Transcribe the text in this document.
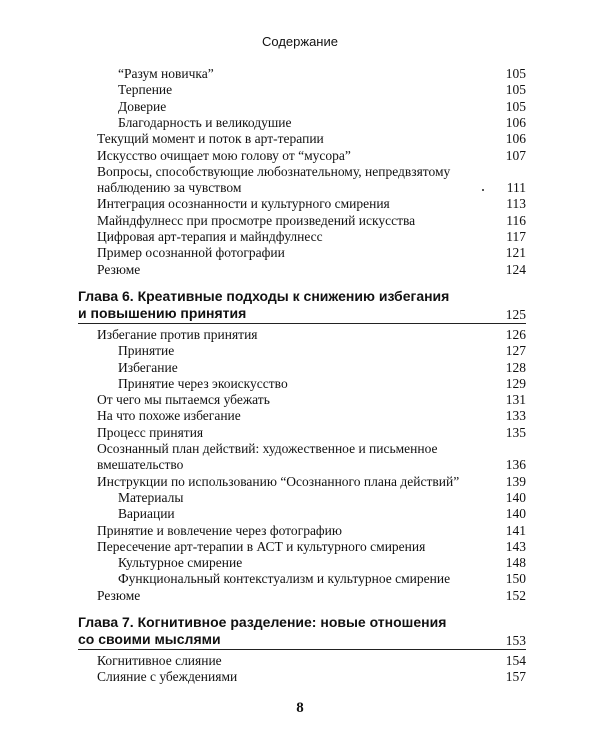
Содержание
“Разум новичка”	105
Терпение	105
Доверие	105
Благодарность и великодушие	106
Текущий момент и поток в арт-терапии	106
Искусство очищает мою голову от “мусора”	107
Вопросы, способствующие любознательному, непредвзятому
наблюдению за чувством	111
Интеграция осознанности и культурного смирения	113
Майндфулнесс при просмотре произведений искусства	116
Цифровая арт-терапия и майндфулнесс	117
Пример осознанной фотографии	121
Резюме	124
Глава 6. Креативные подходы к снижению избегания
и повышению принятия	125
Избегание против принятия	126
Принятие	127
Избегание	128
Принятие через экоискусство	129
От чего мы пытаемся убежать	131
На что похоже избегание	133
Процесс принятия	135
Осознанный план действий: художественное и письменное
вмешательство	136
Инструкции по использованию “Осознанного плана действий”	139
Материалы	140
Вариации	140
Принятие и вовлечение через фотографию	141
Пересечение арт-терапии в АСТ и культурного смирения	143
Культурное смирение	148
Функциональный контекстуализм и культурное смирение	150
Резюме	152
Глава 7. Когнитивное разделение: новые отношения
со своими мыслями	153
Когнитивное слияние	154
Слияние с убеждениями	157
8
